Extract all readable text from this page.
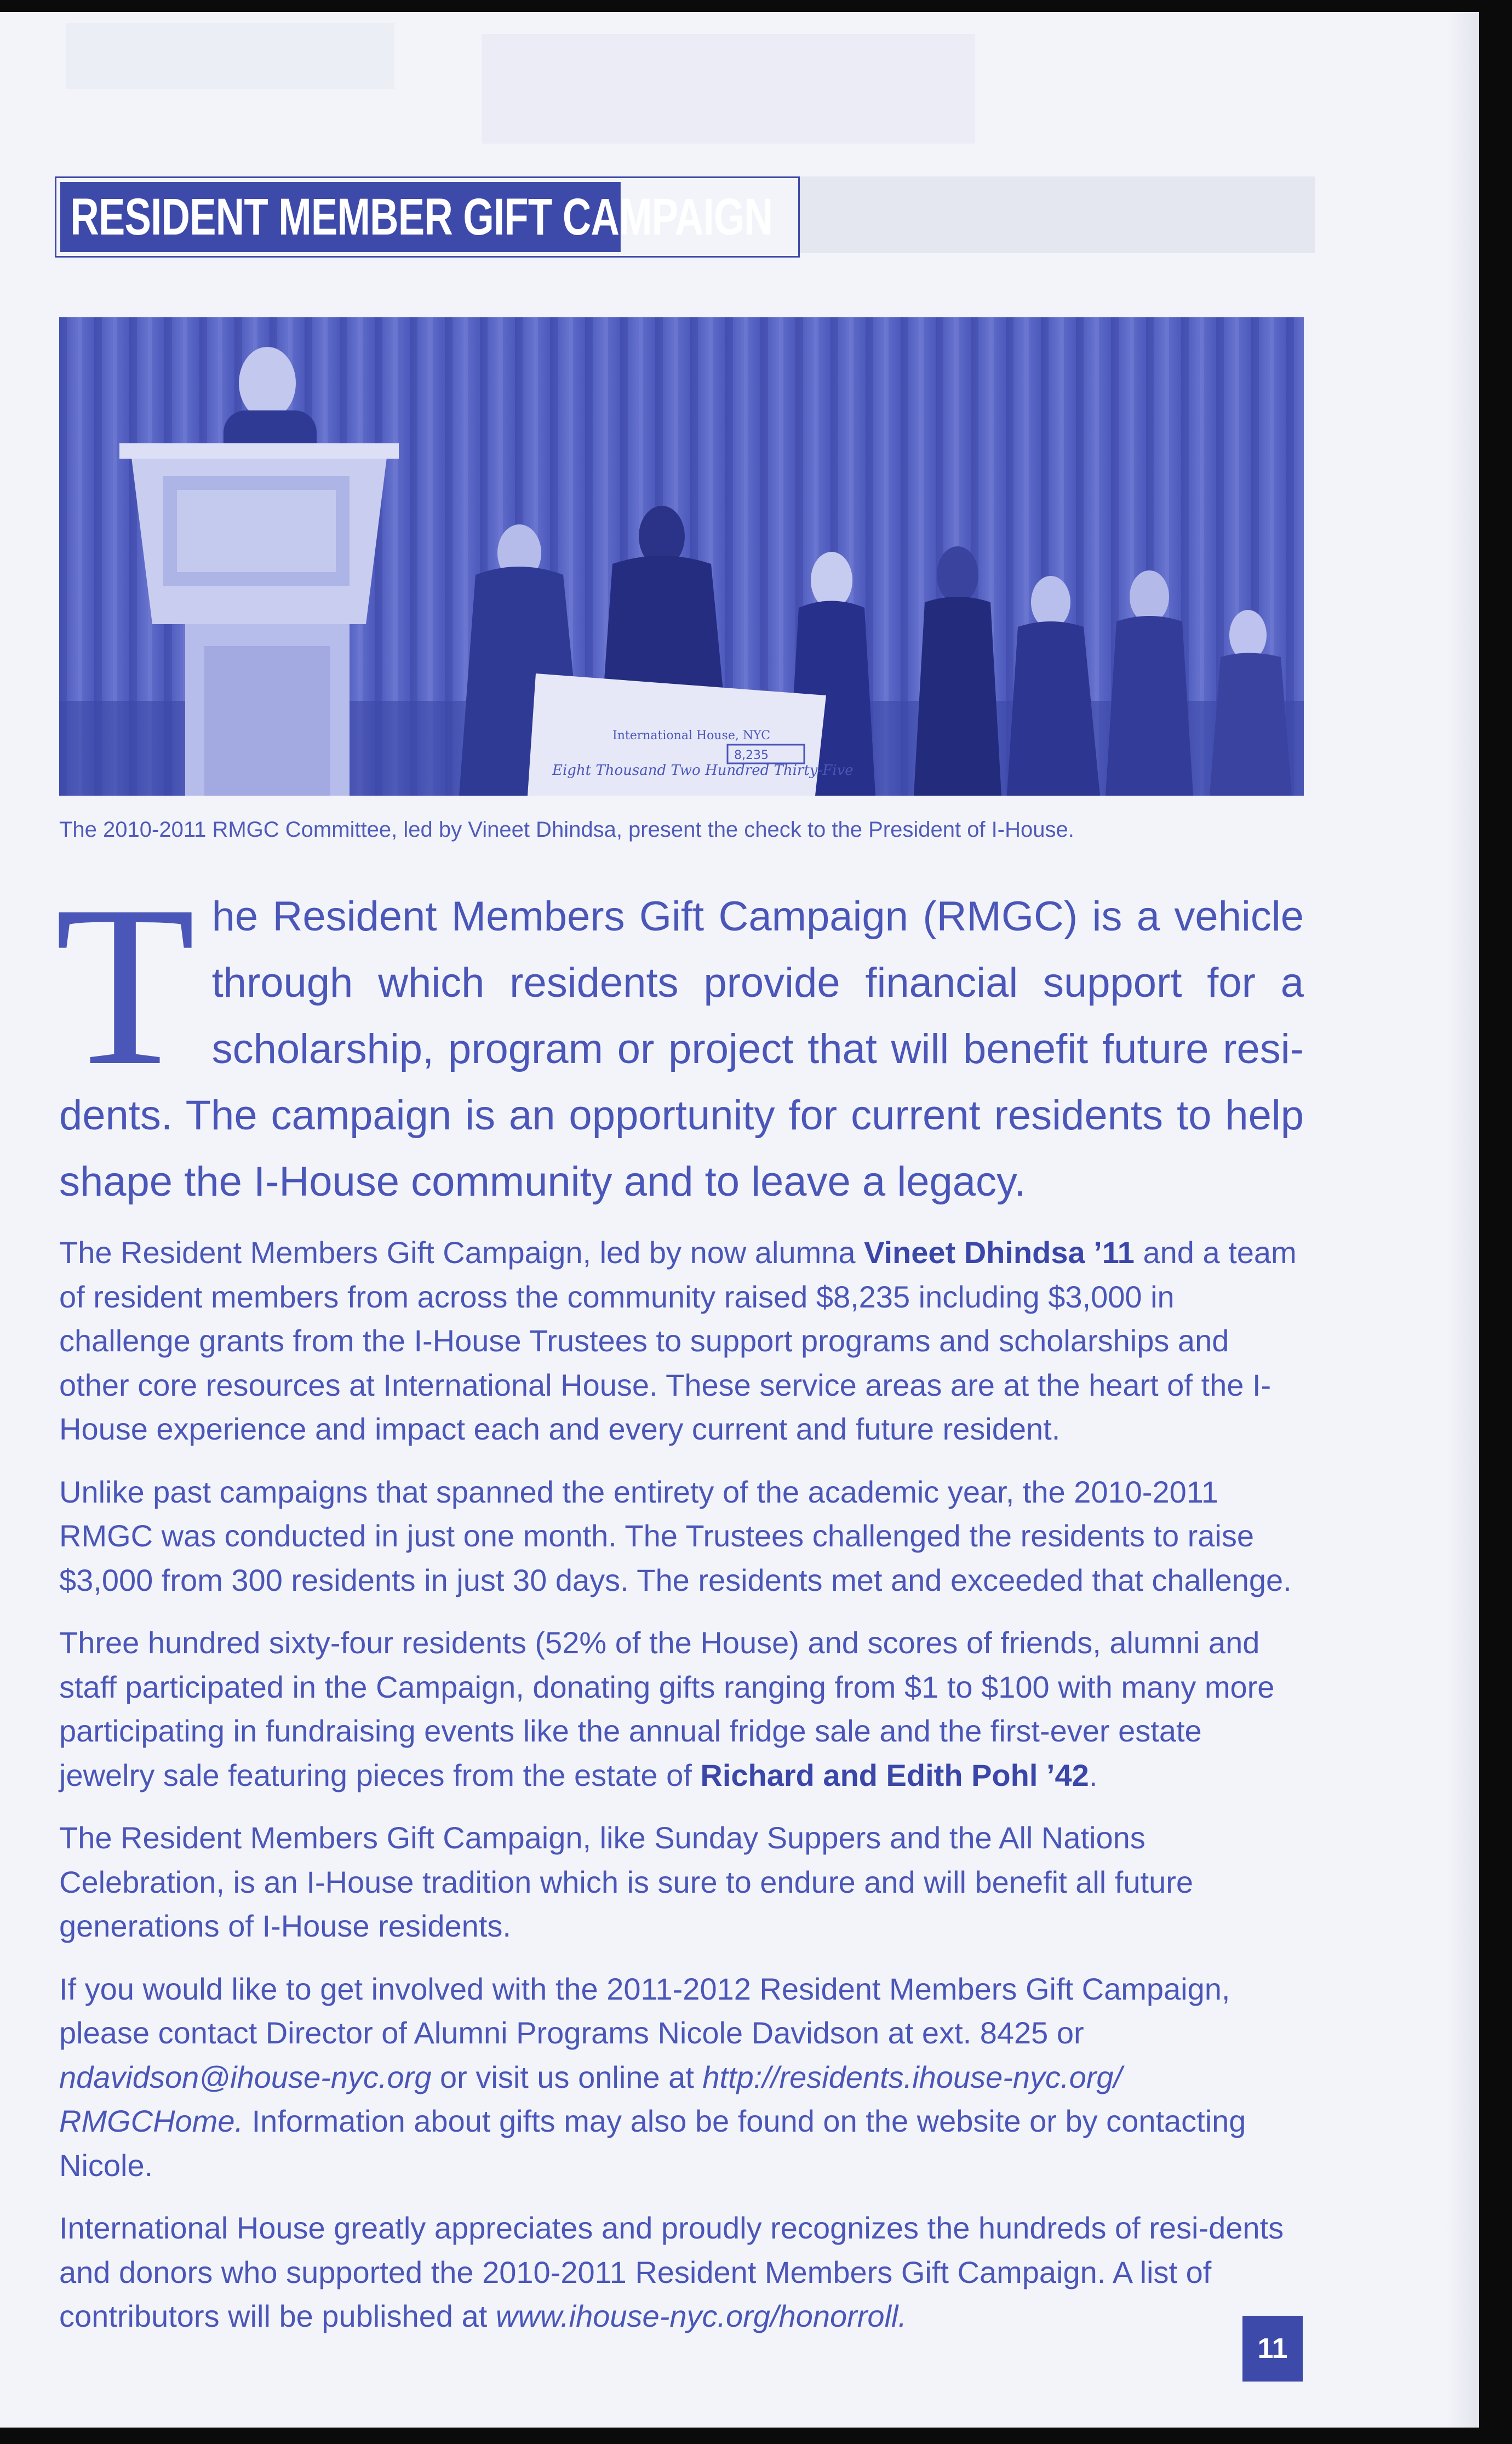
RESIDENT MEMBER GIFT CAMPAIGN
International House, NYC
8,235
Eight Thousand Two Hundred Thirty-Five
The 2010-2011 RMGC Committee, led by Vineet Dhindsa, present the check to the President of I-House.
The Resident Members Gift Campaign (RMGC) is a vehicle through which residents provide financial support for a scholarship, program or project that will benefit future resi-dents. The campaign is an opportunity for current residents to help shape the I-House community and to leave a legacy.

The Resident Members Gift Campaign, led by now alumna Vineet Dhindsa ’11 and a team of resident members from across the community raised $8,235 including $3,000 in challenge grants from the I-House Trustees to support programs and scholarships and other core resources at International House. These service areas are at the heart of the I-House experience and impact each and every current and future resident.

Unlike past campaigns that spanned the entirety of the academic year, the 2010-2011 RMGC was conducted in just one month. The Trustees challenged the residents to raise $3,000 from 300 residents in just 30 days. The residents met and exceeded that challenge.

Three hundred sixty-four residents (52% of the House) and scores of friends, alumni and staff participated in the Campaign, donating gifts ranging from $1 to $100 with many more participating in fundraising events like the annual fridge sale and the first-ever estate jewelry sale featuring pieces from the estate of Richard and Edith Pohl ’42.

The Resident Members Gift Campaign, like Sunday Suppers and the All Nations Celebration, is an I-House tradition which is sure to endure and will benefit all future generations of I-House residents.

If you would like to get involved with the 2011-2012 Resident Members Gift Campaign, please contact Director of Alumni Programs Nicole Davidson at ext. 8425 or ndavidson@ihouse-nyc.org or visit us online at http://residents.ihouse-nyc.org/ RMGCHome. Information about gifts may also be found on the website or by contacting Nicole.

International House greatly appreciates and proudly recognizes the hundreds of resi-dents and donors who supported the 2010-2011 Resident Members Gift Campaign. A list of contributors will be published at www.ihouse-nyc.org/honorroll.

11
